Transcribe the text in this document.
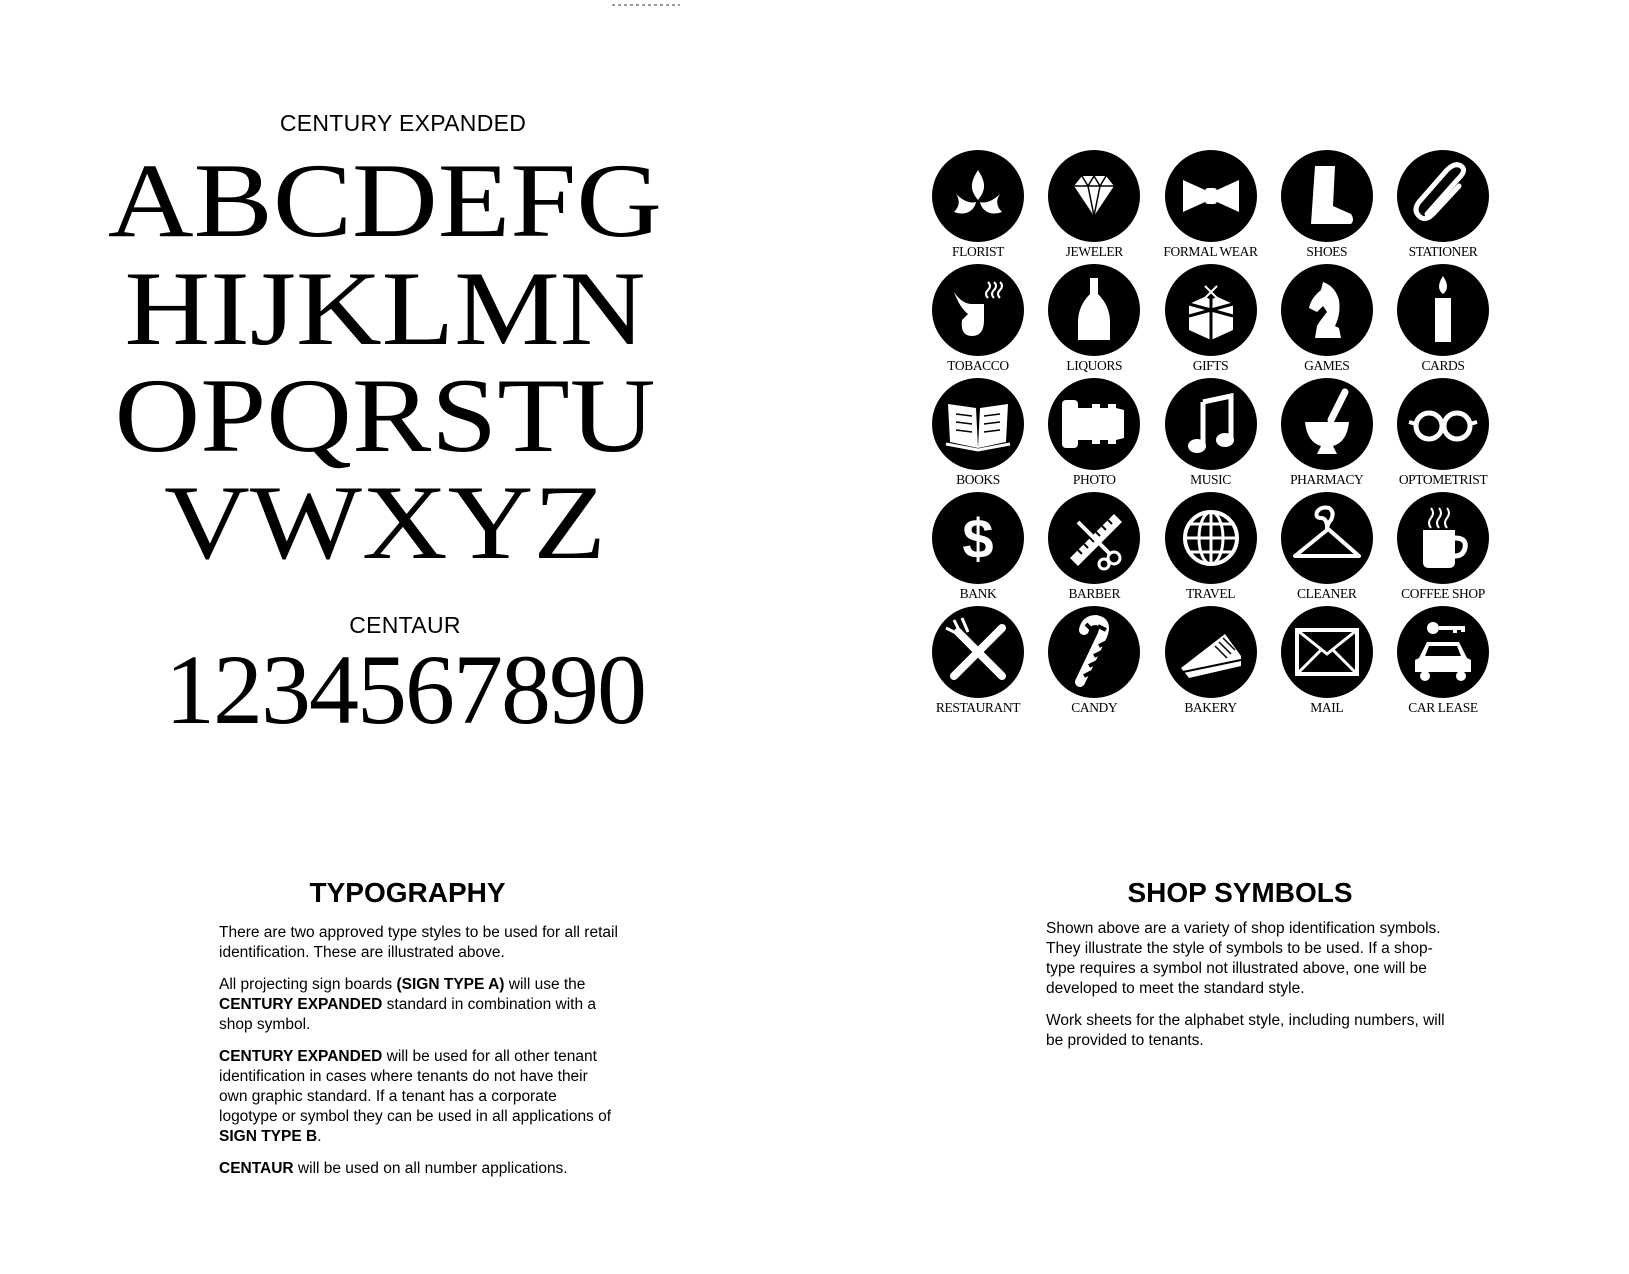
CENTURY EXPANDED
ABCDEFG
HIJKLMN
OPQRSTU
VWXYZ
CENTAUR
1234567890
FLORIST	JEWELER	FORMAL WEAR	SHOES	STATIONER
TOBACCO	LIQUORS	GIFTS	GAMES	CARDS
BOOKS	PHOTO	MUSIC	PHARMACY	OPTOMETRIST
$
BANK	BARBER	TRAVEL	CLEANER	COFFEE SHOP
RESTAURANT	CANDY	BAKERY	MAIL	CAR LEASE
TYPOGRAPHY

There are two approved type styles to be used for all retail identification. These are illustrated above.

All projecting sign boards (SIGN TYPE A) will use the CENTURY EXPANDED standard in combination with a shop symbol.

CENTURY EXPANDED will be used for all other tenant identification in cases where tenants do not have their own graphic standard. If a tenant has a corporate logotype or symbol they can be used in all applications of SIGN TYPE B.

CENTAUR will be used on all number applications.

SHOP SYMBOLS

Shown above are a variety of shop identification symbols. They illustrate the style of symbols to be used. If a shop-type requires a symbol not illustrated above, one will be developed to meet the standard style.

Work sheets for the alphabet style, including numbers, will be provided to tenants.
